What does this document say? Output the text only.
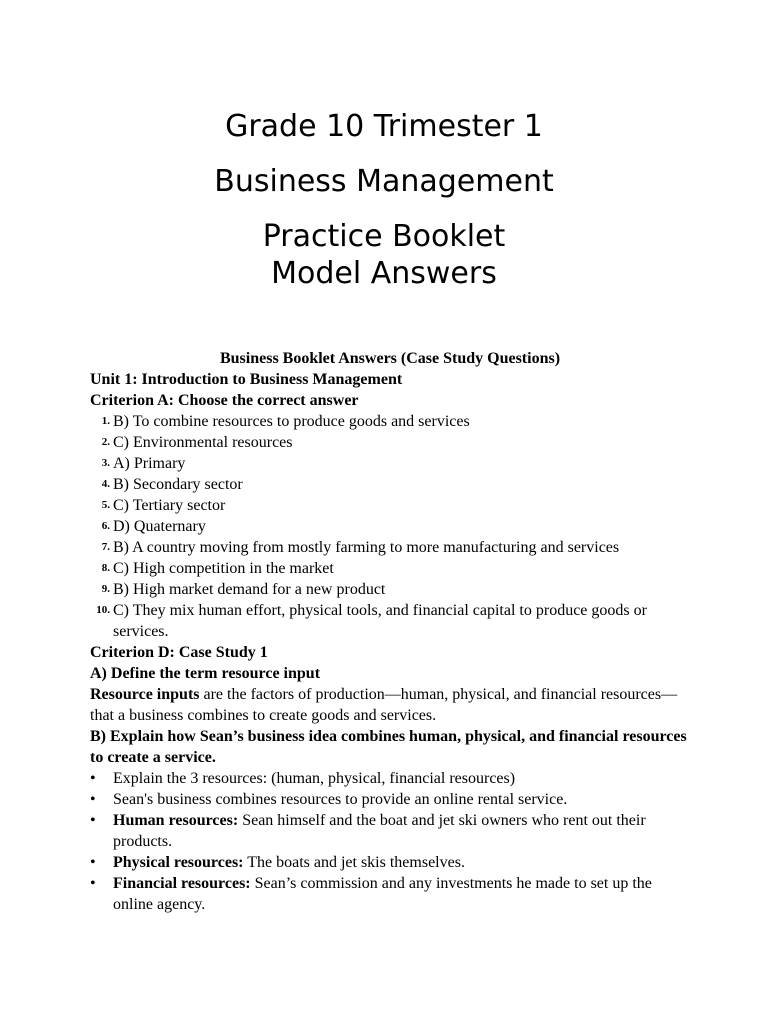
Grade 10 Trimester 1

Business Management

Practice Booklet

Model Answers

Business Booklet Answers (Case Study Questions)

Unit 1: Introduction to Business Management

Criterion A: Choose the correct answer

1. B) To combine resources to produce goods and services
2. C) Environmental resources
3. A) Primary
4. B) Secondary sector
5. C) Tertiary sector
6. D) Quaternary
7. B) A country moving from mostly farming to more manufacturing and services
8. C) High competition in the market
9. B) High market demand for a new product
10. C) They mix human effort, physical tools, and financial capital to produce goods or services.

Criterion D: Case Study 1

A) Define the term resource input

Resource inputs are the factors of production—human, physical, and financial resources—that a business combines to create goods and services.

B) Explain how Sean’s business idea combines human, physical, and financial resources to create a service.

• Explain the 3 resources: (human, physical, financial resources)
• Sean's business combines resources to provide an online rental service.
• Human resources: Sean himself and the boat and jet ski owners who rent out their products.
• Physical resources: The boats and jet skis themselves.
• Financial resources: Sean’s commission and any investments he made to set up the online agency.
